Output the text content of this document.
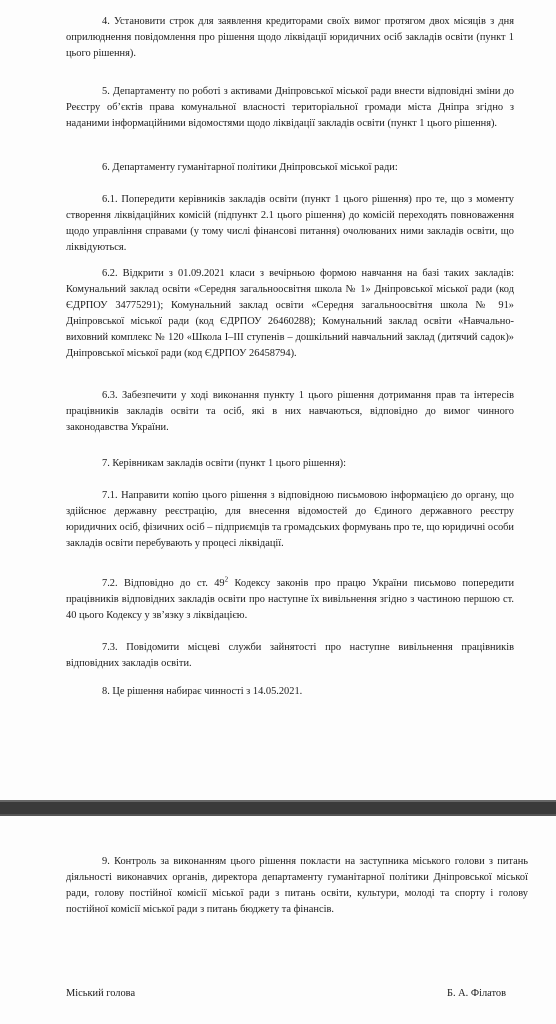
4. Установити строк для заявлення кредиторами своїх вимог протягом двох місяців з дня оприлюднення повідомлення про рішення щодо ліквідації юридичних осіб закладів освіти (пункт 1 цього рішення).

5. Департаменту по роботі з активами Дніпровської міської ради внести відповідні зміни до Реєстру об’єктів права комунальної власності територіальної громади міста Дніпра згідно з наданими інформаційними відомостями щодо ліквідації закладів освіти (пункт 1 цього рішення).

6. Департаменту гуманітарної політики Дніпровської міської ради:

6.1. Попередити керівників закладів освіти (пункт 1 цього рішення) про те, що з моменту створення ліквідаційних комісій (підпункт 2.1 цього рішення) до комісій переходять повноваження щодо управління справами (у тому числі фінансові питання) очолюваних ними закладів освіти, що ліквідуються.

6.2. Відкрити з 01.09.2021 класи з вечірньою формою навчання на базі таких закладів: Комунальний заклад освіти «Середня загальноосвітня школа № 1» Дніпровської міської ради (код ЄДРПОУ 34775291); Комунальний заклад освіти «Середня загальноосвітня школа № 91» Дніпровської міської ради (код ЄДРПОУ 26460288); Комунальний заклад освіти «Навчально-виховний комплекс № 120 «Школа І–ІІІ ступенів – дошкільний навчальний заклад (дитячий садок)» Дніпровської міської ради (код ЄДРПОУ 26458794).

6.3. Забезпечити у ході виконання пункту 1 цього рішення дотримання прав та інтересів працівників закладів освіти та осіб, які в них навчаються, відповідно до вимог чинного законодавства України.

7. Керівникам закладів освіти (пункт 1 цього рішення):

7.1. Направити копію цього рішення з відповідною письмовою інформацією до органу, що здійснює державну реєстрацію, для внесення відомостей до Єдиного державного реєстру юридичних осіб, фізичних осіб – підприємців та громадських формувань про те, що юридичні особи закладів освіти перебувають у процесі ліквідації.

7.2. Відповідно до ст. $49^2$ Кодексу законів про працю України письмово попередити працівників відповідних закладів освіти про наступне їх вивільнення згідно з частиною першою ст. 40 цього Кодексу у зв’язку з ліквідацією.

7.3. Повідомити місцеві служби зайнятості про наступне вивільнення працівників відповідних закладів освіти.

8. Це рішення набирає чинності з 14.05.2021.

9. Контроль за виконанням цього рішення покласти на заступника міського голови з питань діяльності виконавчих органів, директора департаменту гуманітарної політики Дніпровської міської ради, голову постійної комісії міської ради з питань освіти, культури, молоді та спорту і голову постійної комісії міської ради з питань бюджету та фінансів.

Міський голова	Б. А. Філатов
